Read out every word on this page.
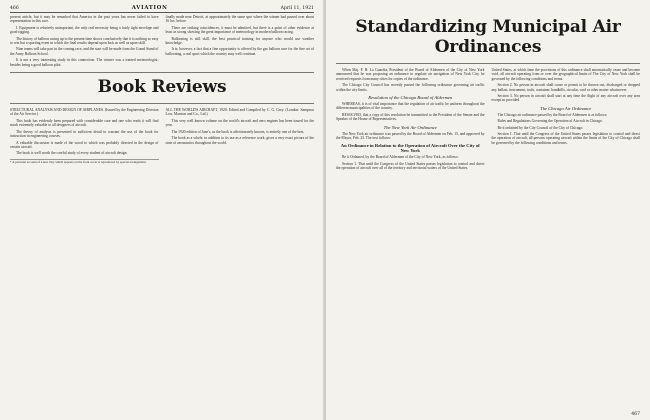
466	AVIATION	April 11, 1921

present article, but it may be remarked that America in the past years has never failed to have representation in this race.

I. Equipment is relatively unimportant, the only real necessity being a fairly tight envelope and good rigging.

The history of balloon racing up to the present time shows conclusively that it is nothing so easy to win but a sporting event in which the final results depend upon luck as well as upon skill.

Nine teams will take part in the coming race, and the start will be made from the Grand Stand of the Army Balloon School.

It is not a very interesting study in this connection. The winner was a trained meteorologist; besides being a good balloon pilot.

finally made near Detroit, at approximately the same spot where the winner had passed over about 16 hrs. before.

There are striking coincidences, it must be admitted, but there is a point of other evidence at least as strong showing the great importance of meteorology in modern balloon racing.

Ballooning is still skill, the best practical training for anyone who would use weather knowledge.

It is, however, a fact that a fine opportunity is offered by the gas balloon race for the fine art of ballooning, a real sport which the country may well continue.

Book Reviews

STRUCTURAL ANALYSIS AND DESIGN OF AIRPLANES. (Issued by the Engineering Division of the Air Service.)

This book has evidently been prepared with considerable care and one who reads it will find much extremely valuable to all designers of aircraft.

The theory of analysis is presented in sufficient detail to warrant the use of the book for instruction in engineering courses.

A valuable discussion is made of the wood to which was probably directed in the design of certain aircraft.

The book is well worth the careful study of every student of aircraft design.

* A personal account of Lieut. Nay which appears on the front cover is reproduced by special arrangement.

ALL THE WORLD'S AIRCRAFT, 1920. Edited and Compiled by C. G. Grey. (London: Sampson Low, Marston and Co., Ltd.)

This very well known volume on the world's aircraft and aero engines has been issued for the year.

The 1920 edition of Jane's, as the book is affectionately known, is entirely one of the best.

The book as a whole, in addition to its use as a reference work, gives a very exact picture of the state of aeronautics throughout the world.

Standardizing Municipal Air Ordinances

When Maj. F. H. La Guardia, President of the Board of Aldermen of the City of New York announced that he was proposing an ordinance to regulate air navigation of New York City, he received requests from many cities for copies of the ordinance.

The Chicago City Council has recently passed the following ordinance governing air traffic within the city limits.

Resolution of the Chicago Board of Aldermen

WHEREAS, it is of vital importance that the regulation of air traffic be uniform throughout the different municipalities of the country.

RESOLVED, that a copy of this resolution be transmitted to the President of the Senate and the Speaker of the House of Representatives.

The New York Air Ordinance

The New York air ordinance was passed by the Board of Aldermen on Feb. 15, and approved by the Mayor, Feb. 23. The text follows:

An Ordinance in Relation to the Operation of Aircraft Over the City of New York

Be it Ordained, by the Board of Aldermen of the City of New York, as follows:

Section 1. That until the Congress of the United States passes legislation to control and direct the operation of aircraft over all of the territory and territorial waters of the United States.

United States, at which time the provisions of this ordinance shall automatically cease and become void, all aircraft operating from or over the geographical limits of The City of New York shall be governed by the following conditions and terms.

Section 2. No person in aircraft shall cause or permit to be thrown out, discharged or dropped any ballast, instrument, tools, container, handbills, circular, card or other matter whatsoever.

Section 3. No person in aircraft shall start at any time the flight of any aircraft over any area except as provided.

The Chicago Air Ordinance

The Chicago air ordinance passed by the Board of Aldermen is as follows:

Rules and Regulations Governing the Operation of Aircraft in Chicago.

Be it ordained by the City Council of the City of Chicago:

Section 1. That until the Congress of the United States passes legislation to control and direct the operation of aircraft, all persons operating aircraft within the limits of the City of Chicago shall be governed by the following conditions and terms.

467
